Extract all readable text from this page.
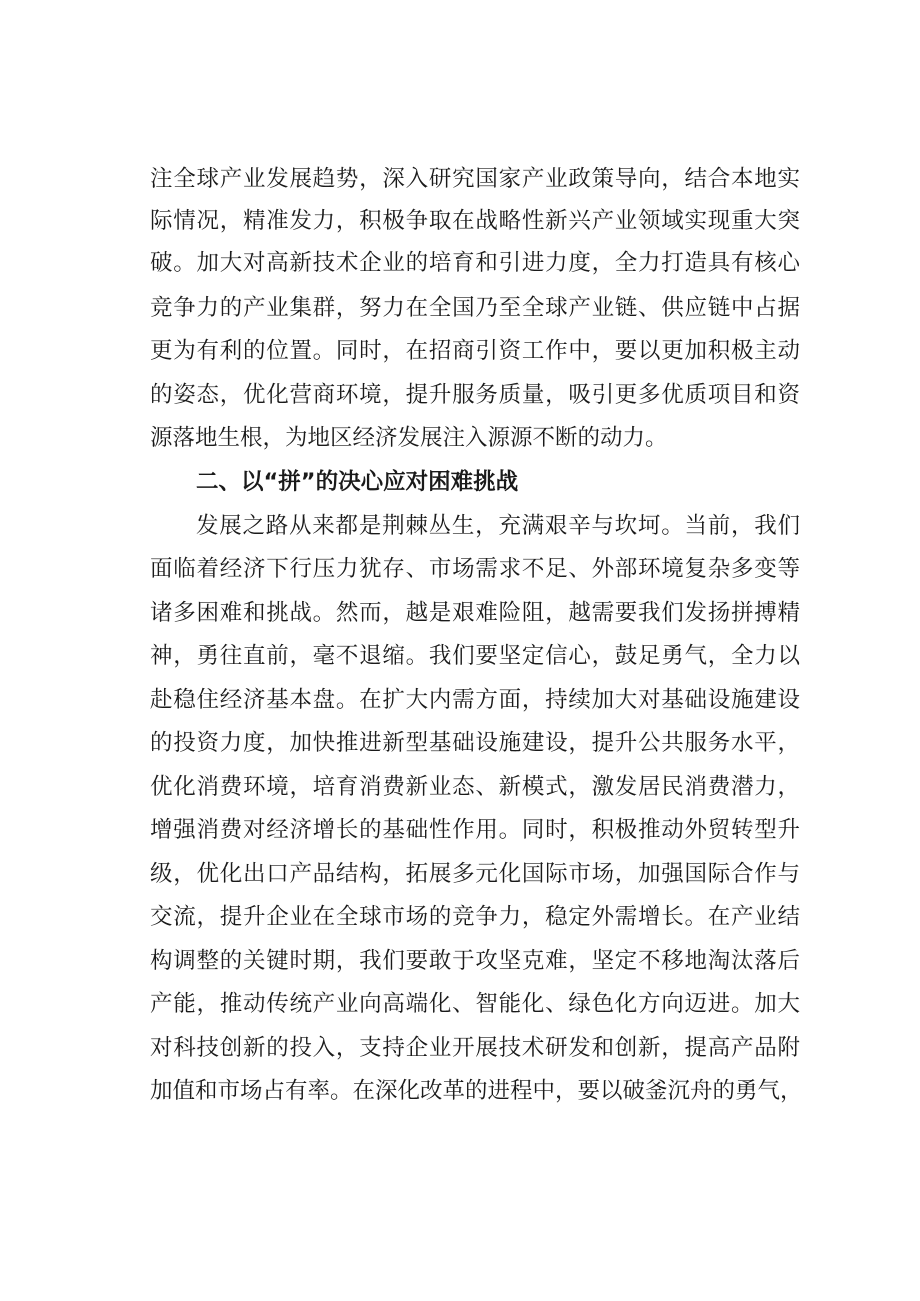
注全球产业发展趋势，深入研究国家产业政策导向，结合本地实
际情况，精准发力，积极争取在战略性新兴产业领域实现重大突
破。加大对高新技术企业的培育和引进力度，全力打造具有核心
竞争力的产业集群，努力在全国乃至全球产业链、供应链中占据
更为有利的位置。同时，在招商引资工作中，要以更加积极主动
的姿态，优化营商环境，提升服务质量，吸引更多优质项目和资
源落地生根，为地区经济发展注入源源不断的动力。
二、以“拼”的决心应对困难挑战
发展之路从来都是荆棘丛生，充满艰辛与坎坷。当前，我们
面临着经济下行压力犹存、市场需求不足、外部环境复杂多变等
诸多困难和挑战。然而，越是艰难险阻，越需要我们发扬拼搏精
神，勇往直前，毫不退缩。我们要坚定信心，鼓足勇气，全力以
赴稳住经济基本盘。在扩大内需方面，持续加大对基础设施建设
的投资力度，加快推进新型基础设施建设，提升公共服务水平，
优化消费环境，培育消费新业态、新模式，激发居民消费潜力，
增强消费对经济增长的基础性作用。同时，积极推动外贸转型升
级，优化出口产品结构，拓展多元化国际市场，加强国际合作与
交流，提升企业在全球市场的竞争力，稳定外需增长。在产业结
构调整的关键时期，我们要敢于攻坚克难，坚定不移地淘汰落后
产能，推动传统产业向高端化、智能化、绿色化方向迈进。加大
对科技创新的投入，支持企业开展技术研发和创新，提高产品附
加值和市场占有率。在深化改革的进程中，要以破釜沉舟的勇气，
